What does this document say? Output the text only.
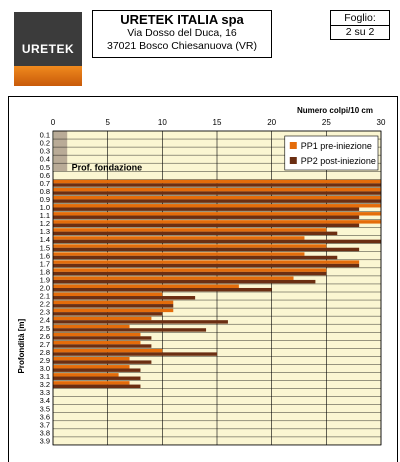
URETEK
URETEK ITALIA spa
Via Dosso del Duca, 16
37021 Bosco Chiesanuova (VR)
Foglio:
2 su 2
0	5	10	15	20	25	30
Numero colpi/10 cm
0.1
0.2
0.3
0.4
0.5
0.6
0.7
0.8
0.9
1.0
1.1
1.2
1.3
1.4
1.5
1.6
1.7
1.8
1.9
2.0
2.1
2.2
2.3
2.4
2.5
2.6
2.7
2.8
2.9
3.0
3.1
3.2
3.3
3.4
3.5
3.6
3.7
3.8
3.9
Profondità [m]
Prof. fondazione
PP1 pre-iniezione
PP2 post-iniezione
